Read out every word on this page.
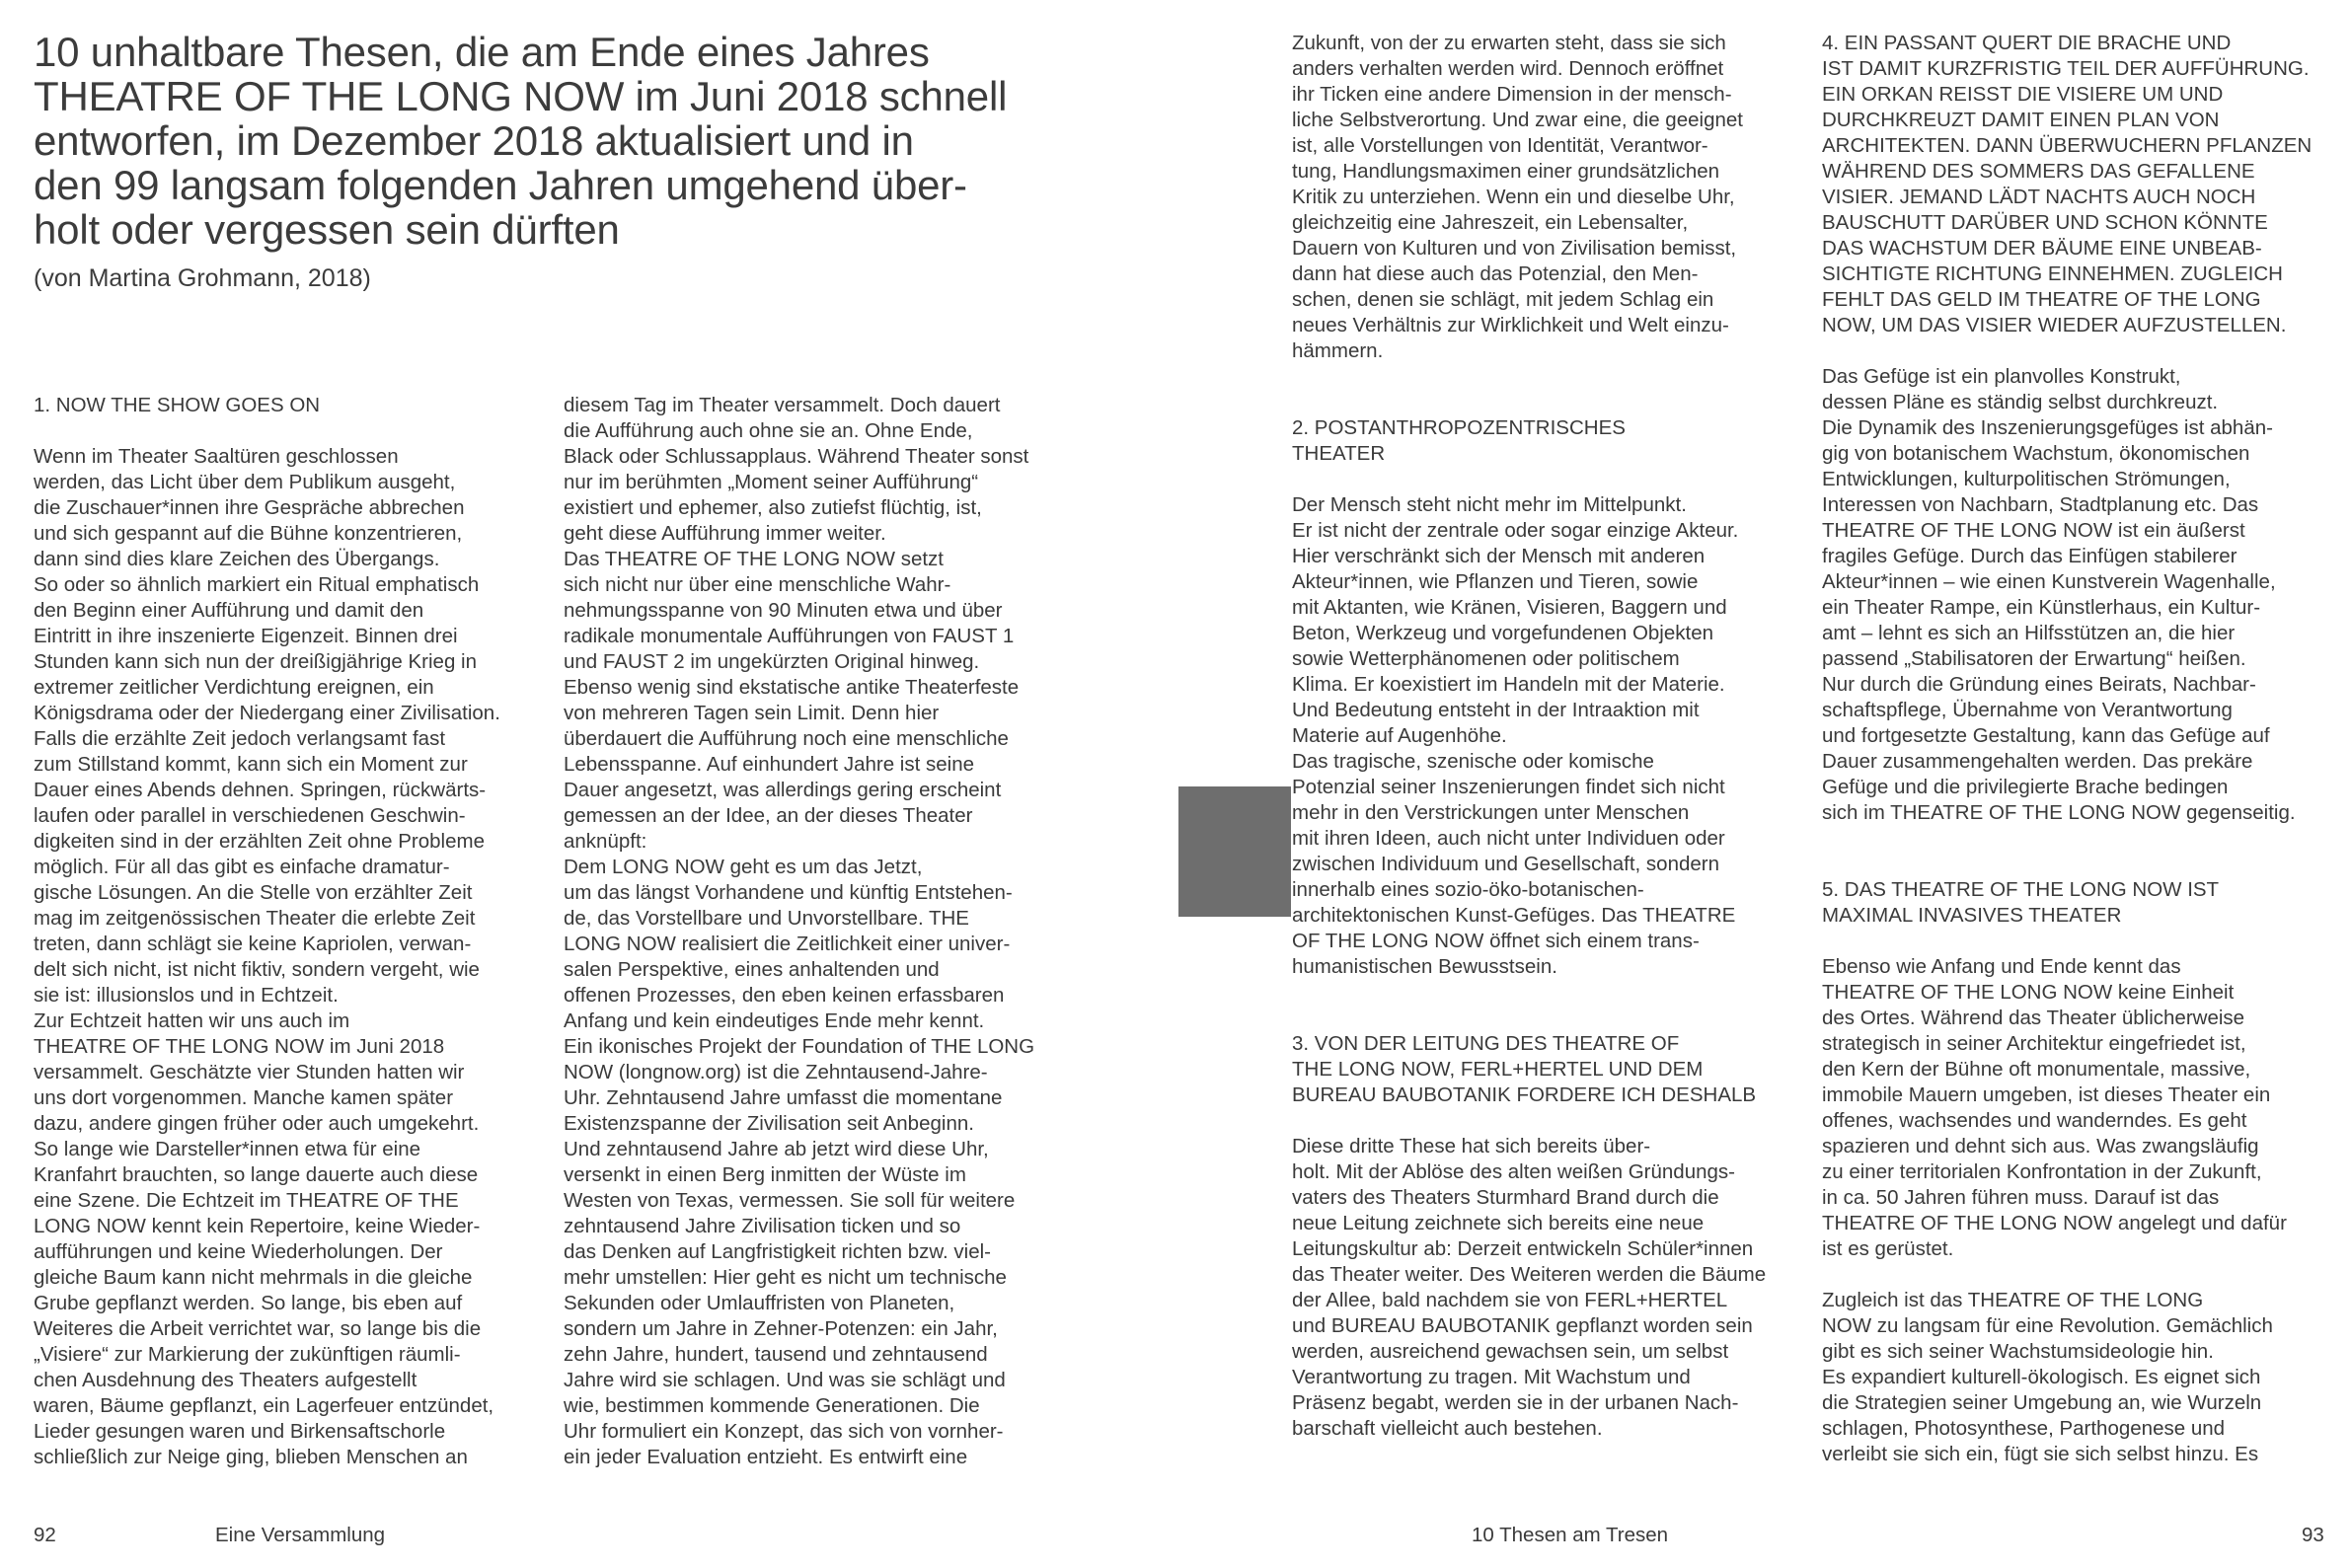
10 unhaltbare Thesen, die am Ende eines Jahres
THEATRE OF THE LONG NOW im Juni 2018 schnell
entworfen, im Dezember 2018 aktualisiert und in
den 99 langsam folgenden Jahren umgehend über-
holt oder vergessen sein dürften

(von Martina Grohmann, 2018)

1. NOW THE SHOW GOES ON

Wenn im Theater Saaltüren geschlossen
werden, das Licht über dem Publikum ausgeht,
die Zuschauer*innen ihre Gespräche abbrechen
und sich gespannt auf die Bühne konzentrieren,
dann sind dies klare Zeichen des Übergangs.
So oder so ähnlich markiert ein Ritual emphatisch
den Beginn einer Aufführung und damit den
Eintritt in ihre inszenierte Eigenzeit. Binnen drei
Stunden kann sich nun der dreißigjährige Krieg in
extremer zeitlicher Verdichtung ereignen, ein
Königsdrama oder der Niedergang einer Zivilisation.
Falls die erzählte Zeit jedoch verlangsamt fast
zum Stillstand kommt, kann sich ein Moment zur
Dauer eines Abends dehnen. Springen, rückwärts-
laufen oder parallel in verschiedenen Geschwin-
digkeiten sind in der erzählten Zeit ohne Probleme
möglich. Für all das gibt es einfache dramatur-
gische Lösungen. An die Stelle von erzählter Zeit
mag im zeitgenössischen Theater die erlebte Zeit
treten, dann schlägt sie keine Kapriolen, verwan-
delt sich nicht, ist nicht fiktiv, sondern vergeht, wie
sie ist: illusionslos und in Echtzeit.

Zur Echtzeit hatten wir uns auch im
THEATRE OF THE LONG NOW im Juni 2018
versammelt. Geschätzte vier Stunden hatten wir
uns dort vorgenommen. Manche kamen später
dazu, andere gingen früher oder auch umgekehrt.
So lange wie Darsteller*innen etwa für eine
Kranfahrt brauchten, so lange dauerte auch diese
eine Szene. Die Echtzeit im THEATRE OF THE
LONG NOW kennt kein Repertoire, keine Wieder-
aufführungen und keine Wiederholungen. Der
gleiche Baum kann nicht mehrmals in die gleiche
Grube gepflanzt werden. So lange, bis eben auf
Weiteres die Arbeit verrichtet war, so lange bis die
„Visiere“ zur Markierung der zukünftigen räumli-
chen Ausdehnung des Theaters aufgestellt
waren, Bäume gepflanzt, ein Lagerfeuer entzündet,
Lieder gesungen waren und Birkensaftschorle
schließlich zur Neige ging, blieben Menschen an

diesem Tag im Theater versammelt. Doch dauert
die Aufführung auch ohne sie an. Ohne Ende,
Black oder Schlussapplaus. Während Theater sonst
nur im berühmten „Moment seiner Aufführung“
existiert und ephemer, also zutiefst flüchtig, ist,
geht diese Aufführung immer weiter.

Das THEATRE OF THE LONG NOW setzt
sich nicht nur über eine menschliche Wahr-
nehmungsspanne von 90 Minuten etwa und über
radikale monumentale Aufführungen von FAUST 1
und FAUST 2 im ungekürzten Original hinweg.
Ebenso wenig sind ekstatische antike Theaterfeste
von mehreren Tagen sein Limit. Denn hier
überdauert die Aufführung noch eine menschliche
Lebensspanne. Auf einhundert Jahre ist seine
Dauer angesetzt, was allerdings gering erscheint
gemessen an der Idee, an der dieses Theater
anknüpft:

Dem LONG NOW geht es um das Jetzt,
um das längst Vorhandene und künftig Entstehen-
de, das Vorstellbare und Unvorstellbare. THE
LONG NOW realisiert die Zeitlichkeit einer univer-
salen Perspektive, eines anhaltenden und
offenen Prozesses, den eben keinen erfassbaren
Anfang und kein eindeutiges Ende mehr kennt.
Ein ikonisches Projekt der Foundation of THE LONG
NOW (longnow.org) ist die Zehntausend-Jahre-
Uhr. Zehntausend Jahre umfasst die momentane
Existenzspanne der Zivilisation seit Anbeginn.
Und zehntausend Jahre ab jetzt wird diese Uhr,
versenkt in einen Berg inmitten der Wüste im
Westen von Texas, vermessen. Sie soll für weitere
zehntausend Jahre Zivilisation ticken und so
das Denken auf Langfristigkeit richten bzw. viel-
mehr umstellen: Hier geht es nicht um technische
Sekunden oder Umlauffristen von Planeten,
sondern um Jahre in Zehner-Potenzen: ein Jahr,
zehn Jahre, hundert, tausend und zehntausend
Jahre wird sie schlagen. Und was sie schlägt und
wie, bestimmen kommende Generationen. Die
Uhr formuliert ein Konzept, das sich von vornher-
ein jeder Evaluation entzieht. Es entwirft eine

Zukunft, von der zu erwarten steht, dass sie sich
anders verhalten werden wird. Dennoch eröffnet
ihr Ticken eine andere Dimension in der mensch-
liche Selbstverortung. Und zwar eine, die geeignet
ist, alle Vorstellungen von Identität, Verantwor-
tung, Handlungsmaximen einer grundsätzlichen
Kritik zu unterziehen. Wenn ein und dieselbe Uhr,
gleichzeitig eine Jahreszeit, ein Lebensalter,
Dauern von Kulturen und von Zivilisation bemisst,
dann hat diese auch das Potenzial, den Men-
schen, denen sie schlägt, mit jedem Schlag ein
neues Verhältnis zur Wirklichkeit und Welt einzu-
hämmern.

2. POSTANTHROPOZENTRISCHES
THEATER

Der Mensch steht nicht mehr im Mittelpunkt.
Er ist nicht der zentrale oder sogar einzige Akteur.
Hier verschränkt sich der Mensch mit anderen
Akteur*innen, wie Pflanzen und Tieren, sowie
mit Aktanten, wie Kränen, Visieren, Baggern und
Beton, Werkzeug und vorgefundenen Objekten
sowie Wetterphänomenen oder politischem
Klima. Er koexistiert im Handeln mit der Materie.
Und Bedeutung entsteht in der Intraaktion mit
Materie auf Augenhöhe.

Das tragische, szenische oder komische
Potenzial seiner Inszenierungen findet sich nicht
mehr in den Verstrickungen unter Menschen
mit ihren Ideen, auch nicht unter Individuen oder
zwischen Individuum und Gesellschaft, sondern
innerhalb eines sozio-öko-botanischen-
architektonischen Kunst-Gefüges. Das THEATRE
OF THE LONG NOW öffnet sich einem trans-
humanistischen Bewusstsein.

3. VON DER LEITUNG DES THEATRE OF
THE LONG NOW, FERL+HERTEL UND DEM
BUREAU BAUBOTANIK FORDERE ICH DESHALB

Diese dritte These hat sich bereits über-
holt. Mit der Ablöse des alten weißen Gründungs-
vaters des Theaters Sturmhard Brand durch die
neue Leitung zeichnete sich bereits eine neue
Leitungskultur ab: Derzeit entwickeln Schüler*innen
das Theater weiter. Des Weiteren werden die Bäume
der Allee, bald nachdem sie von FERL+HERTEL
und BUREAU BAUBOTANIK gepflanzt worden sein
werden, ausreichend gewachsen sein, um selbst
Verantwortung zu tragen. Mit Wachstum und
Präsenz begabt, werden sie in der urbanen Nach-
barschaft vielleicht auch bestehen.

4. EIN PASSANT QUERT DIE BRACHE UND
IST DAMIT KURZFRISTIG TEIL DER AUFFÜHRUNG.
EIN ORKAN REISST DIE VISIERE UM UND
DURCHKREUZT DAMIT EINEN PLAN VON
ARCHITEKTEN. DANN ÜBERWUCHERN PFLANZEN
WÄHREND DES SOMMERS DAS GEFALLENE
VISIER. JEMAND LÄDT NACHTS AUCH NOCH
BAUSCHUTT DARÜBER UND SCHON KÖNNTE
DAS WACHSTUM DER BÄUME EINE UNBEAB-
SICHTIGTE RICHTUNG EINNEHMEN. ZUGLEICH
FEHLT DAS GELD IM THEATRE OF THE LONG
NOW, UM DAS VISIER WIEDER AUFZUSTELLEN.

Das Gefüge ist ein planvolles Konstrukt,
dessen Pläne es ständig selbst durchkreuzt.
Die Dynamik des Inszenierungsgefüges ist abhän-
gig von botanischem Wachstum, ökonomischen
Entwicklungen, kulturpolitischen Strömungen,
Interessen von Nachbarn, Stadtplanung etc. Das
THEATRE OF THE LONG NOW ist ein äußerst
fragiles Gefüge. Durch das Einfügen stabilerer
Akteur*innen – wie einen Kunstverein Wagenhalle,
ein Theater Rampe, ein Künstlerhaus, ein Kultur-
amt – lehnt es sich an Hilfsstützen an, die hier
passend „Stabilisatoren der Erwartung“ heißen.
Nur durch die Gründung eines Beirats, Nachbar-
schaftspflege, Übernahme von Verantwortung
und fortgesetzte Gestaltung, kann das Gefüge auf
Dauer zusammengehalten werden. Das prekäre
Gefüge und die privilegierte Brache bedingen
sich im THEATRE OF THE LONG NOW gegenseitig.

5. DAS THEATRE OF THE LONG NOW IST
MAXIMAL INVASIVES THEATER

Ebenso wie Anfang und Ende kennt das
THEATRE OF THE LONG NOW keine Einheit
des Ortes. Während das Theater üblicherweise
strategisch in seiner Architektur eingefriedet ist,
den Kern der Bühne oft monumentale, massive,
immobile Mauern umgeben, ist dieses Theater ein
offenes, wachsendes und wanderndes. Es geht
spazieren und dehnt sich aus. Was zwangsläufig
zu einer territorialen Konfrontation in der Zukunft,
in ca. 50 Jahren führen muss. Darauf ist das
THEATRE OF THE LONG NOW angelegt und dafür
ist es gerüstet.

Zugleich ist das THEATRE OF THE LONG
NOW zu langsam für eine Revolution. Gemächlich
gibt es sich seiner Wachstumsideologie hin.
Es expandiert kulturell-ökologisch. Es eignet sich
die Strategien seiner Umgebung an, wie Wurzeln
schlagen, Photosynthese, Parthogenese und
verleibt sie sich ein, fügt sie sich selbst hinzu. Es

92	Eine Versammlung	10 Thesen am Tresen	93
